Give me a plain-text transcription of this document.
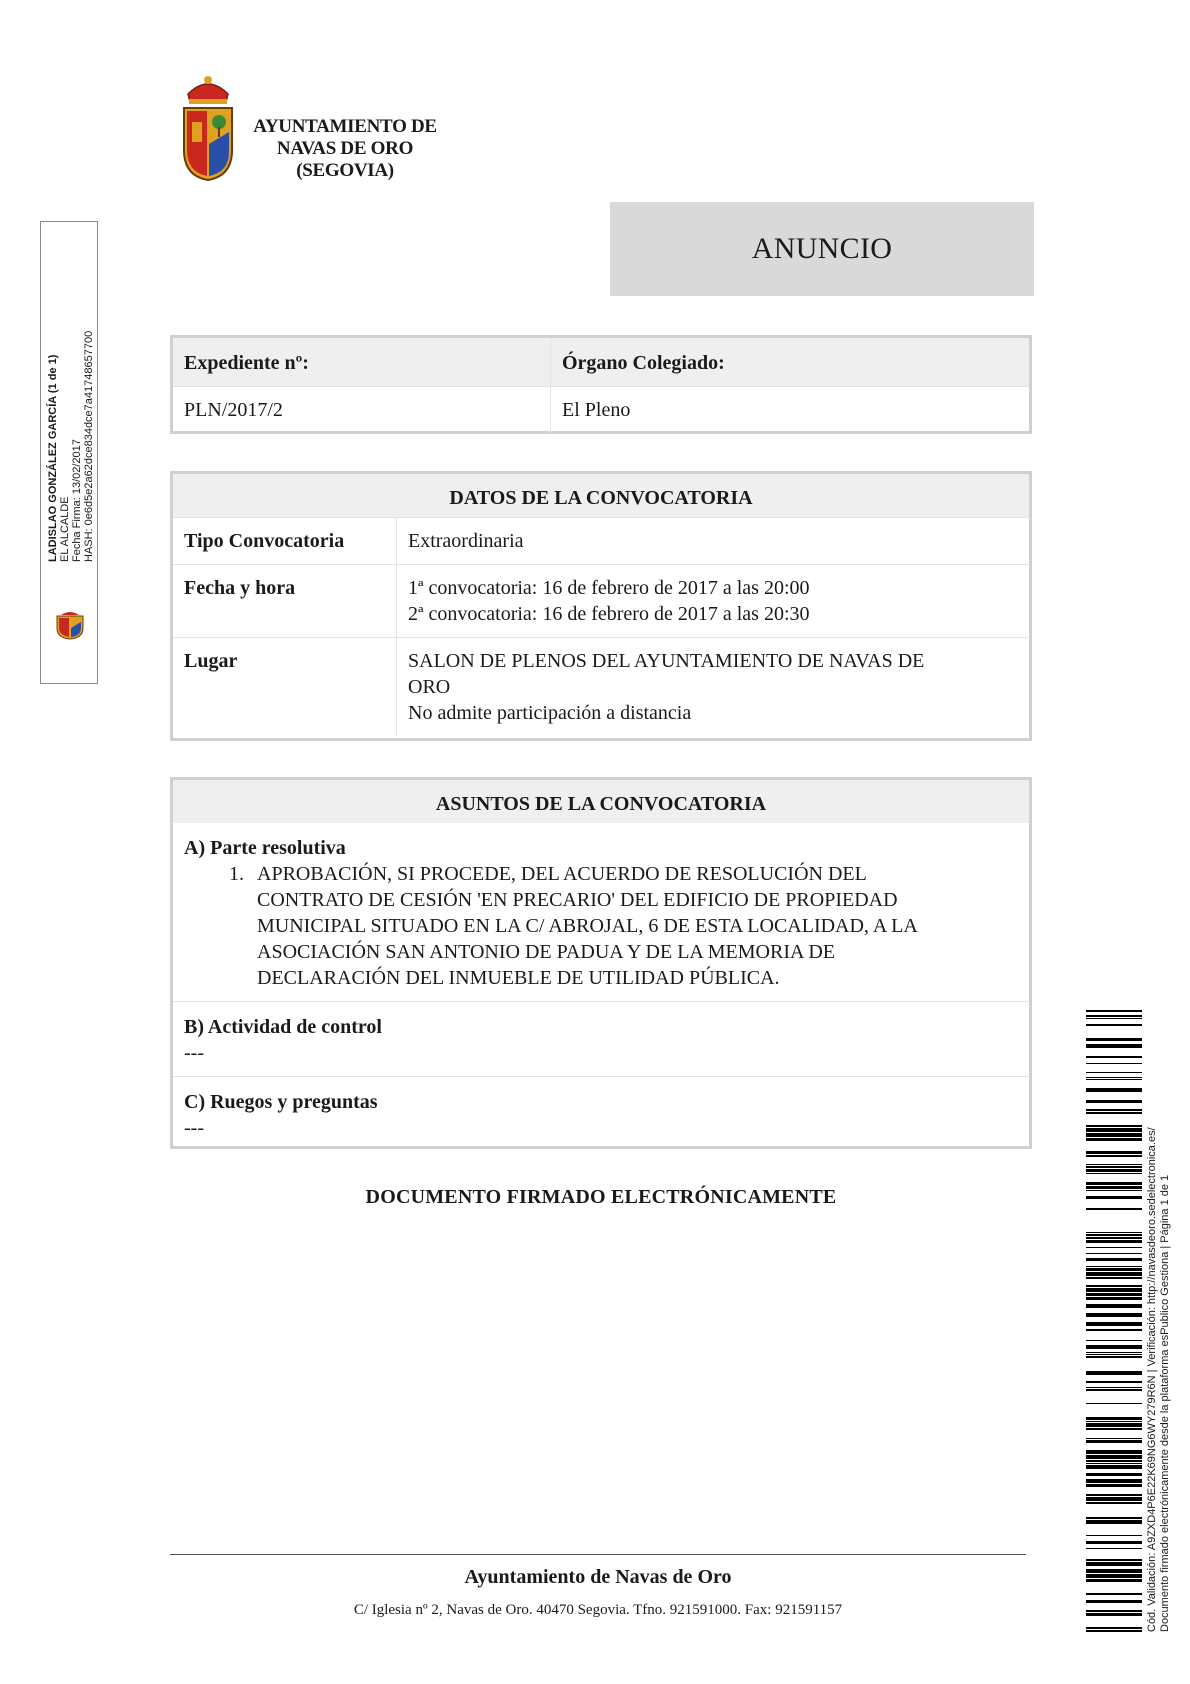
AYUNTAMIENTO DE
NAVAS DE ORO
(SEGOVIA)
ANUNCIO
Expediente nº:	Órgano Colegiado:
PLN/2017/2	El Pleno
DATOS DE LA CONVOCATORIA
Tipo Convocatoria	Extraordinaria
Fecha y hora	1ª convocatoria: 16 de febrero de 2017 a las 20:00
2ª convocatoria: 16 de febrero de 2017 a las 20:30
Lugar	SALON DE PLENOS DEL AYUNTAMIENTO DE NAVAS DE
ORO
No admite participación a distancia
ASUNTOS DE LA CONVOCATORIA
A) Parte resolutiva
1. APROBACIÓN, SI PROCEDE, DEL ACUERDO DE RESOLUCIÓN DEL
CONTRATO DE CESIÓN 'EN PRECARIO' DEL EDIFICIO DE PROPIEDAD
MUNICIPAL SITUADO EN LA C/ ABROJAL, 6 DE ESTA LOCALIDAD, A LA
ASOCIACIÓN SAN ANTONIO DE PADUA Y DE LA MEMORIA DE
DECLARACIÓN DEL INMUEBLE DE UTILIDAD PÚBLICA.
B) Actividad de control
---
C) Ruegos y preguntas
---
DOCUMENTO FIRMADO ELECTRÓNICAMENTE
Ayuntamiento de Navas de Oro
C/ Iglesia nº 2, Navas de Oro. 40470 Segovia. Tfno. 921591000. Fax: 921591157
LADISLAO GONZÁLEZ GARCÍA (1 de 1) EL ALCALDE Fecha Firma: 13/02/2017 HASH: 0e6d5e2a62dce834dce7a41748657700
Cód. Validación: A9ZXD4P6E22K69NG6WY279R6N | Verificación: http://navasdeoro.sedelectronica.es/ Documento firmado electrónicamente desde la plataforma esPublico Gestiona | Página 1 de 1
